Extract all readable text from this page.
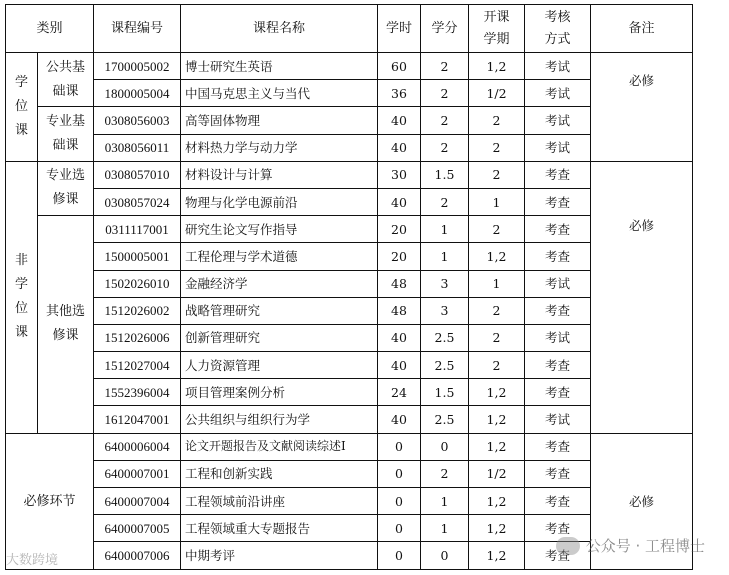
类别		课程编号	课程名称	学时	学分	开课学期	考核方式	备注
学位课	公共基础课	1700005002	博士研究生英语	60	2	1,2	考试	必修
		1800005004	中国马克思主义与当代	36	2	1/2	考试	
	专业基础课	0308056003	高等固体物理	40	2	2	考试	
		0308056011	材料热力学与动力学	40	2	2	考试	
非学位课	专业选修课	0308057010	材料设计与计算	30	1.5	2	考查	必修
		0308057024	物理与化学电源前沿	40	2	1	考查	
	其他选修课	0311117001	研究生论文写作指导	20	1	2	考查	
		1500005001	工程伦理与学术道德	20	1	1,2	考查	
		1502026010	金融经济学	48	3	1	考试	
		1512026002	战略管理研究	48	3	2	考查	
		1512026006	创新管理研究	40	2.5	2	考试	
		1512027004	人力资源管理	40	2.5	2	考查	
		1552396004	项目管理案例分析	24	1.5	1,2	考查	
		1612047001	公共组织与组织行为学	40	2.5	1,2	考试	
必修环节		6400006004	论文开题报告及文献阅读综述Ⅰ	0	0	1,2	考查	必修
		6400007001	工程和创新实践	0	2	1/2	考查	
		6400007004	工程领域前沿讲座	0	1	1,2	考查	
		6400007005	工程领域重大专题报告	0	1	1,2	考查	
		6400007006	中期考评	0	0	1,2	考查	
大数跨境
公众号 · 工程博士
